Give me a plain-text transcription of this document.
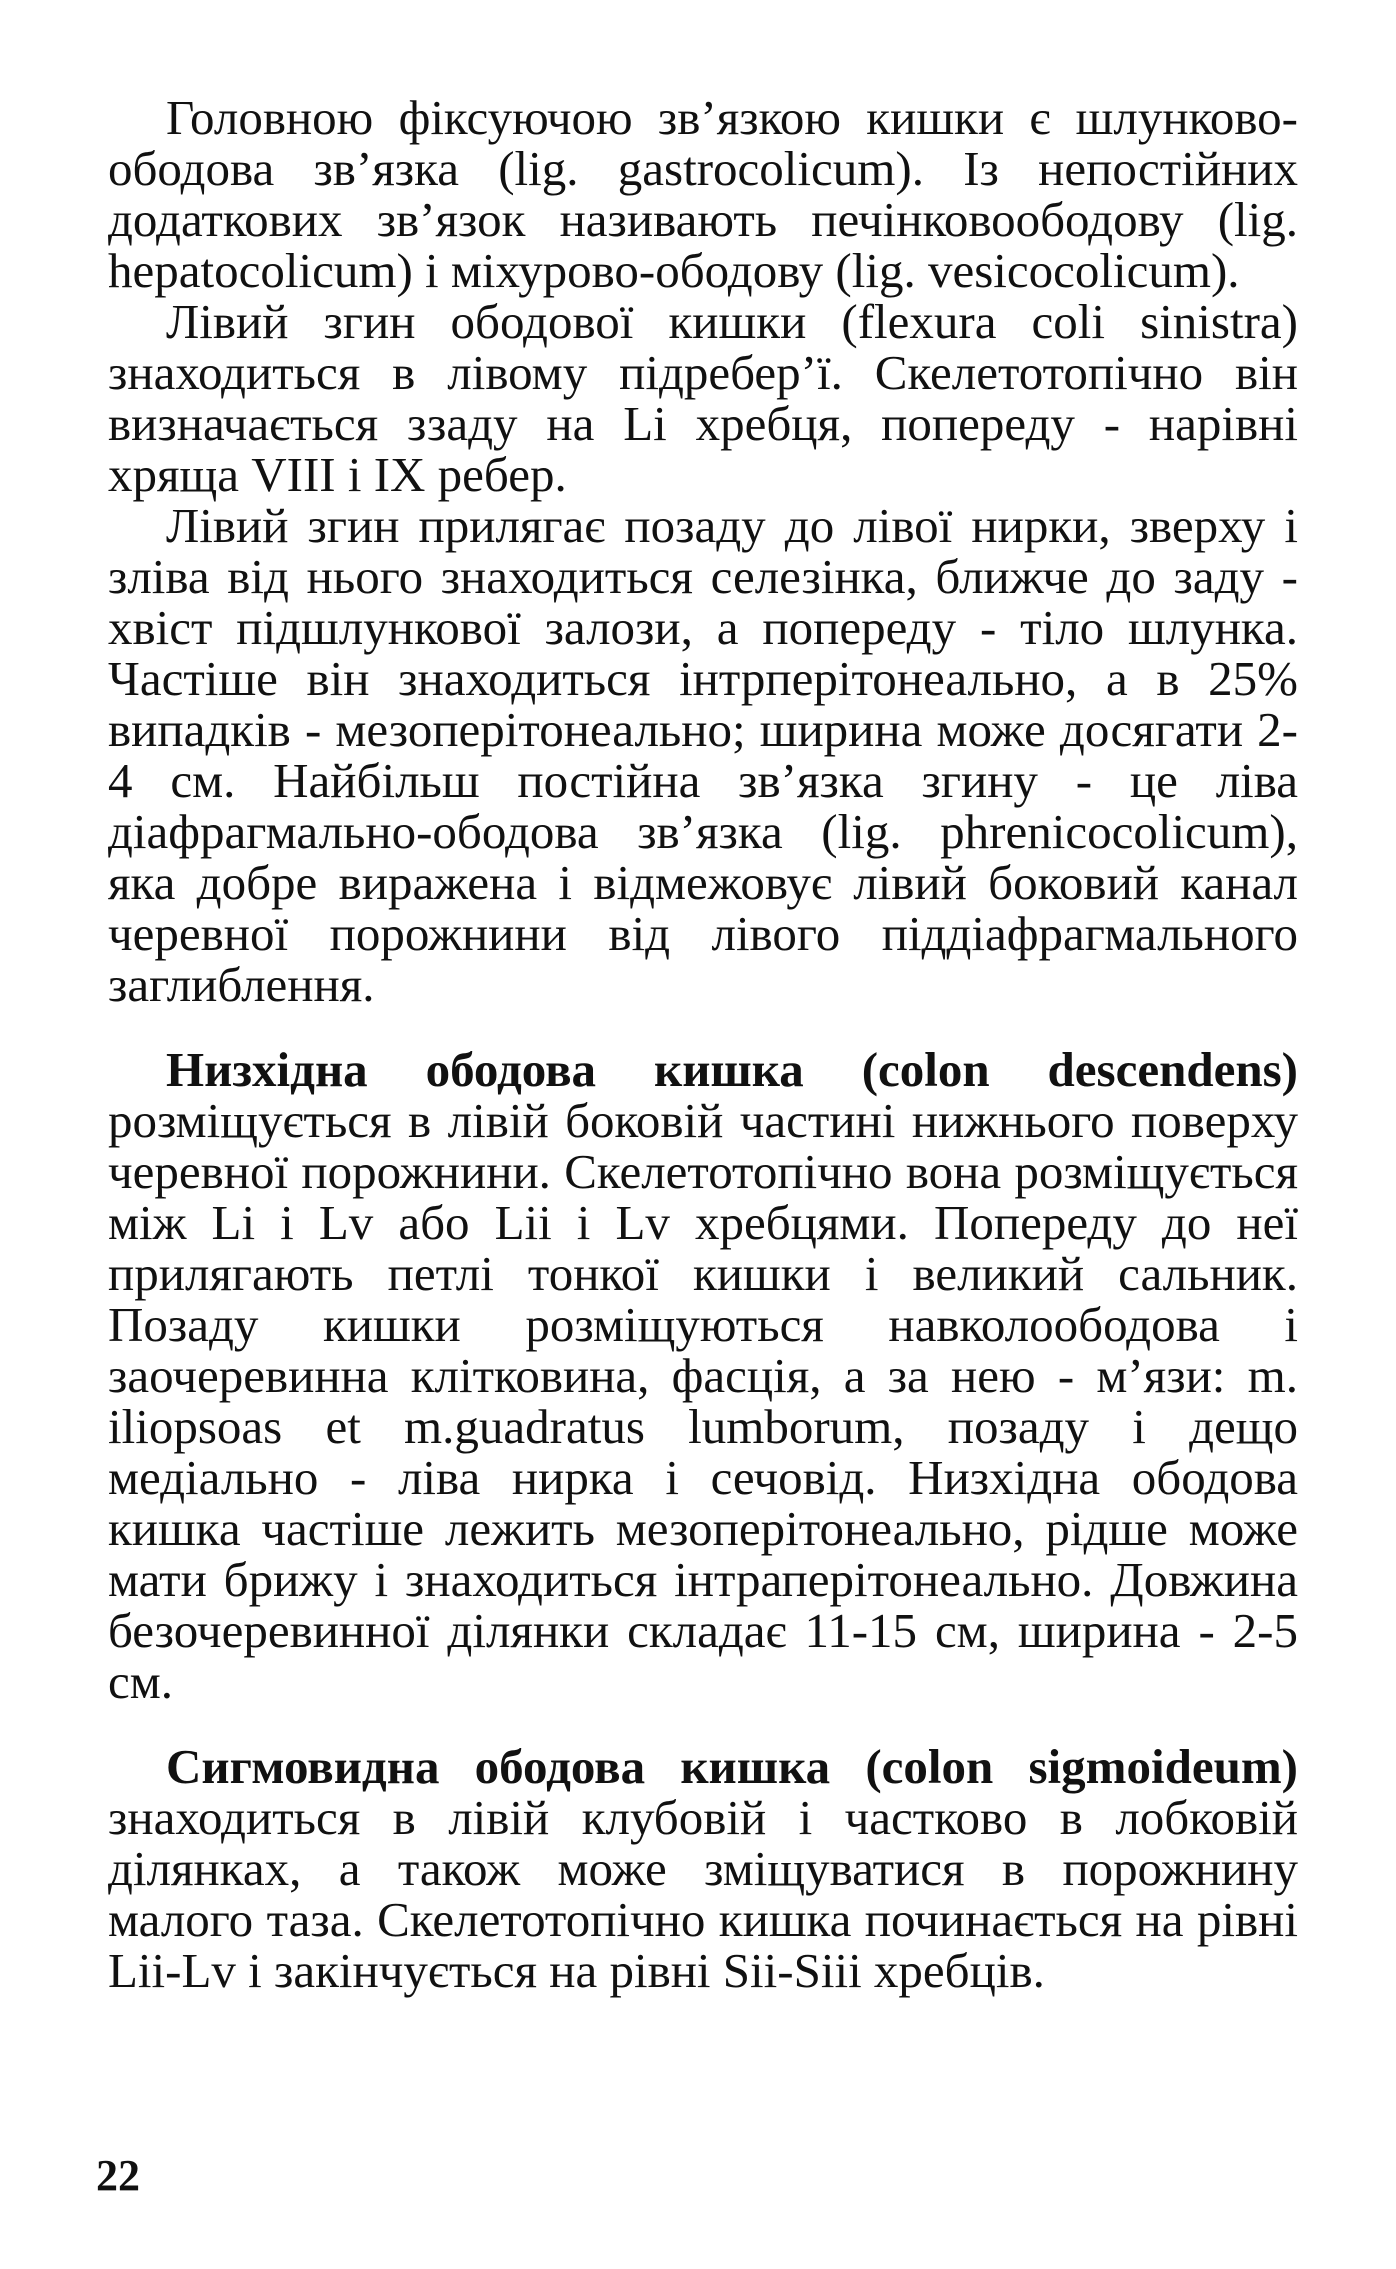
Головною фіксуючою зв’язкою кишки є шлунково-ободова зв’язка (lig. gastrocolicum). Із непостійних додаткових зв’язок називають печінковоободову (lig. hepatocolicum) і міхурово-ободову (lig. vesicocolicum).

Лівий згин ободової кишки (flexura coli sinistra) знаходиться в лівому підребер’ї. Скелетотопічно він визначається ззаду на Lі хребця, попереду - нарівні хряща VIII і IX ребер.

Лівий згин прилягає позаду до лівої нирки, зверху і зліва від нього знаходиться селезінка, ближче до заду - хвіст підшлункової залози, а попереду - тіло шлунка. Частіше він знаходиться інтрперітонеально, а в 25% випадків - мезоперітонеально; ширина може досягати 2-4 см. Найбільш постійна зв’язка згину - це ліва діафрагмально-ободова зв’язка (lig. phrenicocolicum), яка добре виражена і відмежовує лівий боковий канал черевної порожнини від лівого піддіафрагмального заглиблення.

Низхідна ободова кишка (colon descendens) розміщується в лівій боковій частині нижнього поверху черевної порожнини. Скелетотопічно вона розміщується між Lі і Lv або Lіі і Lv хребцями. Попереду до неї прилягають петлі тонкої кишки і великий сальник. Позаду кишки розміщуються навколоободова і заочеревинна клітковина, фасція, а за нею - м’язи: m. iliopsoas et m.guadratus lumborum, позаду і дещо медіально - ліва нирка і сечовід. Низхідна ободова кишка частіше лежить мезоперітонеально, рідше може мати брижу і знаходиться інтраперітонеально. Довжина безочеревинної ділянки складає 11-15 см, ширина - 2-5 см.

Сигмовидна ободова кишка (colon sigmoideum) знаходиться в лівій клубовій і частково в лобковій ділянках, а також може зміщуватися в порожнину малого таза. Скелетотопічно кишка починається на рівні Lіі-Lv і закінчується на рівні Sіі-Sііі хребців.

22
